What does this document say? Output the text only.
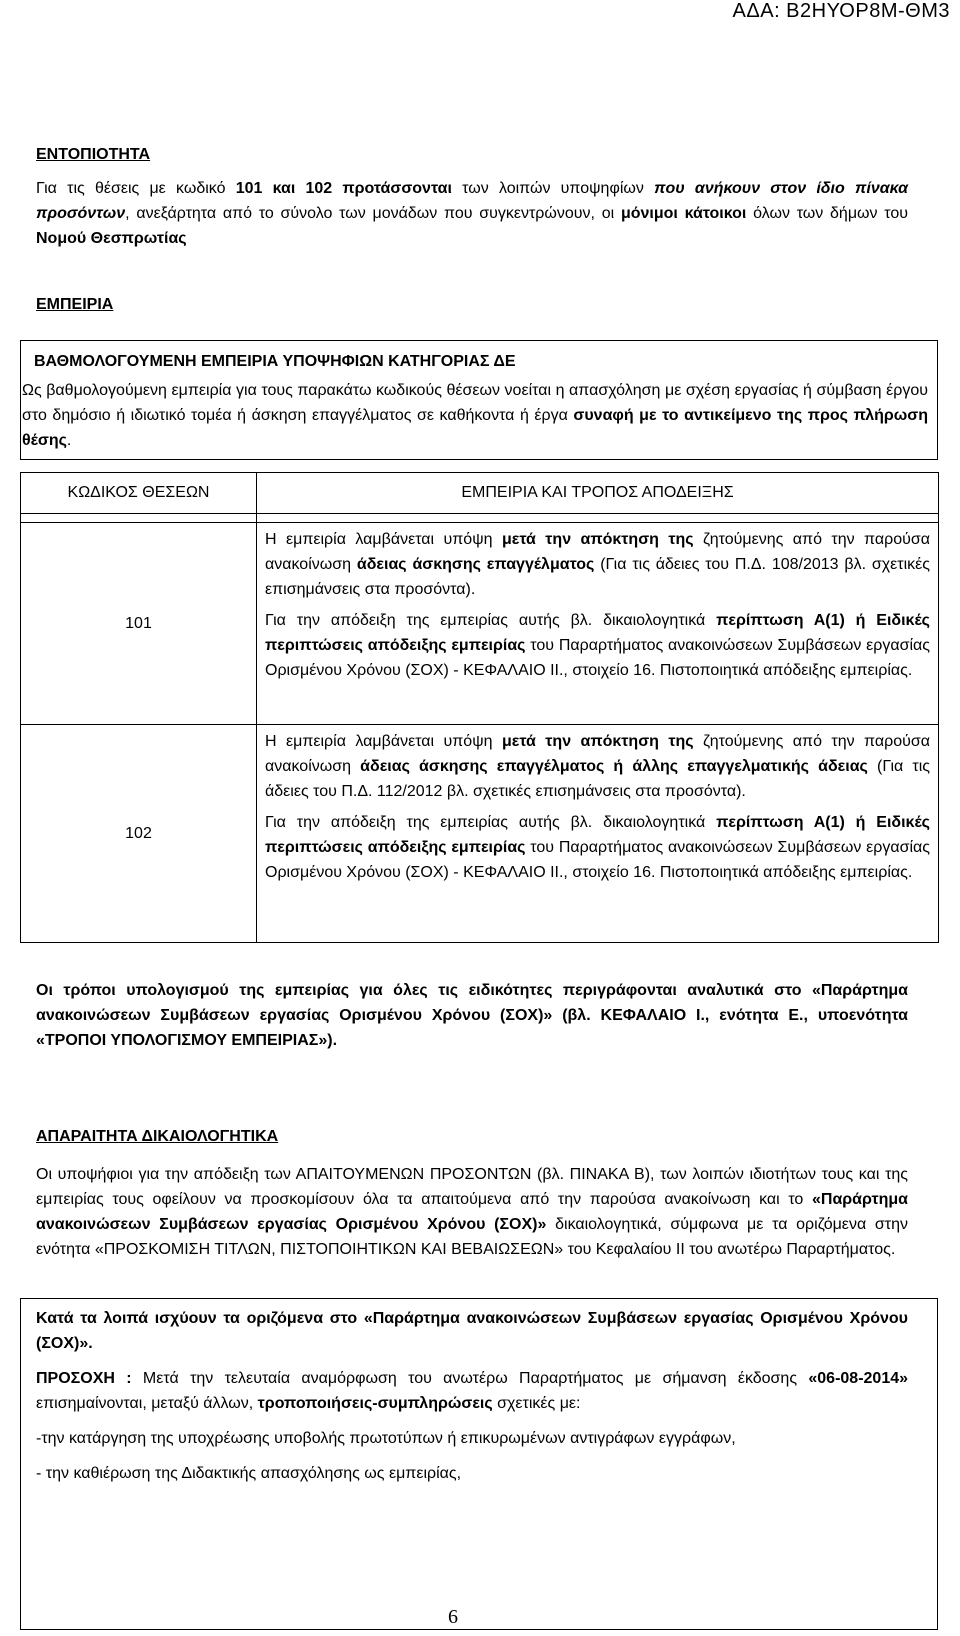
ΑΔΑ: Β2ΗΥΟΡ8Μ-ΘΜ3
ΕΝΤΟΠΙΟΤΗΤΑ

Για τις θέσεις με κωδικό 101 και 102 προτάσσονται των λοιπών υποψηφίων που ανήκουν στον ίδιο πίνακα προσόντων, ανεξάρτητα από το σύνολο των μονάδων που συγκεντρώνουν, οι μόνιμοι κάτοικοι όλων των δήμων του Νομού Θεσπρωτίας

ΕΜΠΕΙΡΙΑ
ΒΑΘΜΟΛΟΓΟΥΜΕΝΗ ΕΜΠΕΙΡΙΑ ΥΠΟΨΗΦΙΩΝ ΚΑΤΗΓΟΡΙΑΣ ΔΕ

Ως βαθμολογούμενη εμπειρία για τους παρακάτω κωδικούς θέσεων νοείται η απασχόληση με σχέση εργασίας ή σύμβαση έργου στο δημόσιο ή ιδιωτικό τομέα ή άσκηση επαγγέλματος σε καθήκοντα ή έργα συναφή με το αντικείμενο της προς πλήρωση θέσης.

ΚΩΔΙΚΟΣ ΘΕΣΕΩΝ	ΕΜΠΕΙΡΙΑ ΚΑΙ ΤΡΟΠΟΣ ΑΠΟΔΕΙΞΗΣ

101	Η εμπειρία λαμβάνεται υπόψη μετά την απόκτηση της ζητούμενης από την παρούσα ανακοίνωση άδειας άσκησης επαγγέλματος (Για τις άδειες του Π.Δ. 108/2013 βλ. σχετικές επισημάνσεις στα προσόντα).

Για την απόδειξη της εμπειρίας αυτής βλ. δικαιολογητικά περίπτωση Α(1) ή Ειδικές περιπτώσεις απόδειξης εμπειρίας του Παραρτήματος ανακοινώσεων Συμβάσεων εργασίας Ορισμένου Χρόνου (ΣΟΧ) - ΚΕΦΑΛΑΙΟ ΙΙ., στοιχείο 16. Πιστοποιητικά απόδειξης εμπειρίας.

102	Η εμπειρία λαμβάνεται υπόψη μετά την απόκτηση της ζητούμενης από την παρούσα ανακοίνωση άδειας άσκησης επαγγέλματος ή άλλης επαγγελματικής άδειας (Για τις άδειες του Π.Δ. 112/2012 βλ. σχετικές επισημάνσεις στα προσόντα).

Για την απόδειξη της εμπειρίας αυτής βλ. δικαιολογητικά περίπτωση Α(1) ή Ειδικές περιπτώσεις απόδειξης εμπειρίας του Παραρτήματος ανακοινώσεων Συμβάσεων εργασίας Ορισμένου Χρόνου (ΣΟΧ) - ΚΕΦΑΛΑΙΟ ΙΙ., στοιχείο 16. Πιστοποιητικά απόδειξης εμπειρίας.

Οι τρόποι υπολογισμού της εμπειρίας για όλες τις ειδικότητες περιγράφονται αναλυτικά στο «Παράρτημα ανακοινώσεων Συμβάσεων εργασίας Ορισμένου Χρόνου (ΣΟΧ)» (βλ. ΚΕΦΑΛΑΙΟ Ι., ενότητα Ε., υποενότητα «ΤΡΟΠΟΙ ΥΠΟΛΟΓΙΣΜΟΥ ΕΜΠΕΙΡΙΑΣ»).

ΑΠΑΡΑΙΤΗΤΑ ΔΙΚΑΙΟΛΟΓΗΤΙΚΑ

Οι υποψήφιοι για την απόδειξη των ΑΠΑΙΤΟΥΜΕΝΩΝ ΠΡΟΣΟΝΤΩΝ (βλ. ΠΙΝΑΚΑ Β), των λοιπών ιδιοτήτων τους και της εμπειρίας τους οφείλουν να προσκομίσουν όλα τα απαιτούμενα από την παρούσα ανακοίνωση και το «Παράρτημα ανακοινώσεων Συμβάσεων εργασίας Ορισμένου Χρόνου (ΣΟΧ)» δικαιολογητικά, σύμφωνα με τα οριζόμενα στην ενότητα «ΠΡΟΣΚΟΜΙΣΗ ΤΙΤΛΩΝ, ΠΙΣΤΟΠΟΙΗΤΙΚΩΝ ΚΑΙ ΒΕΒΑΙΩΣΕΩΝ» του Κεφαλαίου ΙΙ του ανωτέρω Παραρτήματος.

Κατά τα λοιπά ισχύουν τα οριζόμενα στο «Παράρτημα ανακοινώσεων Συμβάσεων εργασίας Ορισμένου Χρόνου (ΣΟΧ)».

ΠΡΟΣΟΧΗ : Μετά την τελευταία αναμόρφωση του ανωτέρω Παραρτήματος με σήμανση έκδοσης «06-08-2014» επισημαίνονται, μεταξύ άλλων, τροποποιήσεις-συμπληρώσεις σχετικές με:

-την κατάργηση της υποχρέωσης υποβολής πρωτοτύπων ή επικυρωμένων αντιγράφων εγγράφων,

- την καθιέρωση της Διδακτικής απασχόλησης ως εμπειρίας,

6
